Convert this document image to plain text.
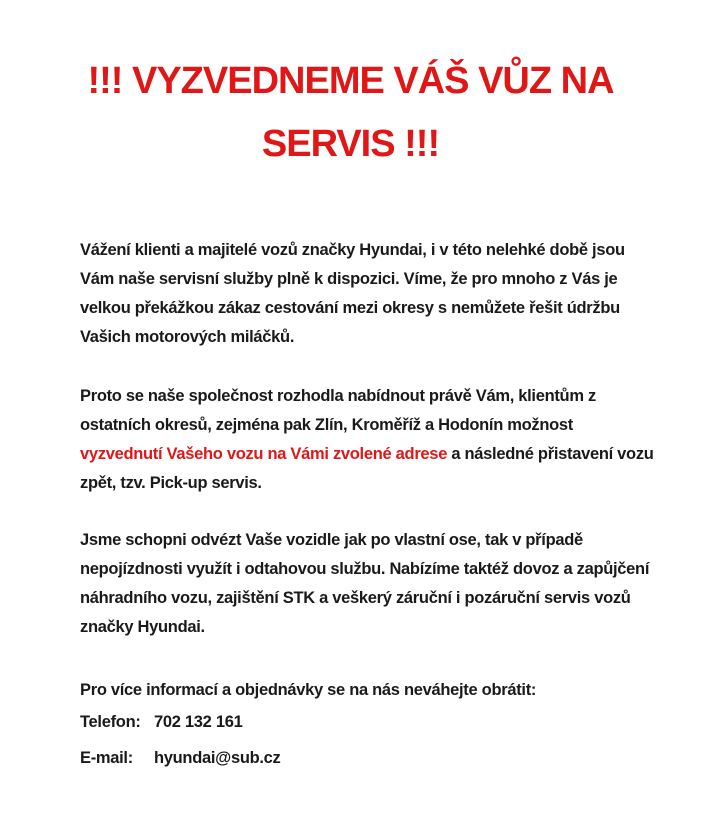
!!! VYZVEDNEME VÁŠ VŮZ NA
SERVIS !!!

Vážení klienti a majitelé vozů značky Hyundai, i v této nelehké době jsou Vám naše servisní služby plně k dispozici. Víme, že pro mnoho z Vás je velkou překážkou zákaz cestování mezi okresy s nemůžete řešit údržbu Vašich motorových miláčků.

Proto se naše společnost rozhodla nabídnout právě Vám, klientům z ostatních okresů, zejména pak Zlín, Kroměříž a Hodonín možnost vyzvednutí Vašeho vozu na Vámi zvolené adrese a následné přistavení vozu zpět, tzv. Pick-up servis.

Jsme schopni odvézt Vaše vozidle jak po vlastní ose, tak v případě nepojízdnosti využít i odtahovou službu. Nabízíme taktéž dovoz a zapůjčení náhradního vozu, zajištění STK a veškerý záruční i pozáruční servis vozů značky Hyundai.

Pro více informací a objednávky se na nás neváhejte obrátit:

Telefon: 702 132 161
E-mail:	hyundai@sub.cz
